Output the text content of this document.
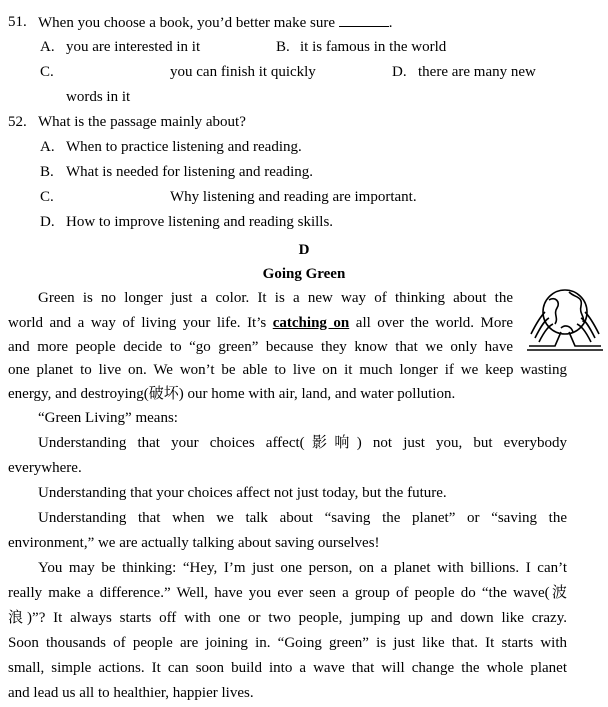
51. When you choose a book, you’d better make sure	.
A. you are interested in it	B. it is famous in the world
C.	you can finish it quickly	D. there are many new
words in it
52. What is the passage mainly about?
A. When to practice listening and reading.
B. What is needed for listening and reading.
C.	Why listening and reading are important.
D. How to improve listening and reading skills.
D
Going Green
Green is no longer just a color. It is a new way of thinking about the
world and a way of living your life. It’s catching on all over the world. More
and more people decide to “go green” because they know that we only have
one planet to live on. We won’t be able to live on it much longer if we keep wasting
energy, and destroying(破坏) our home with air, land, and water pollution.
“Green Living” means:
Understanding that your choices affect(影响) not just you, but everybody
everywhere.
Understanding that your choices affect not just today, but the future.
Understanding that when we talk about “saving the planet” or “saving the
environment,” we are actually talking about saving ourselves!
You may be thinking: “Hey, I’m just one person, on a planet with billions. I can’t
really make a difference.” Well, have you ever seen a group of people do “the wave(波
浪)”? It always starts off with one or two people, jumping up and down like crazy.
Soon thousands of people are joining in. “Going green” is just like that. It starts with
small, simple actions. It can soon build into a wave that will change the whole planet
and lead us all to healthier, happier lives.
